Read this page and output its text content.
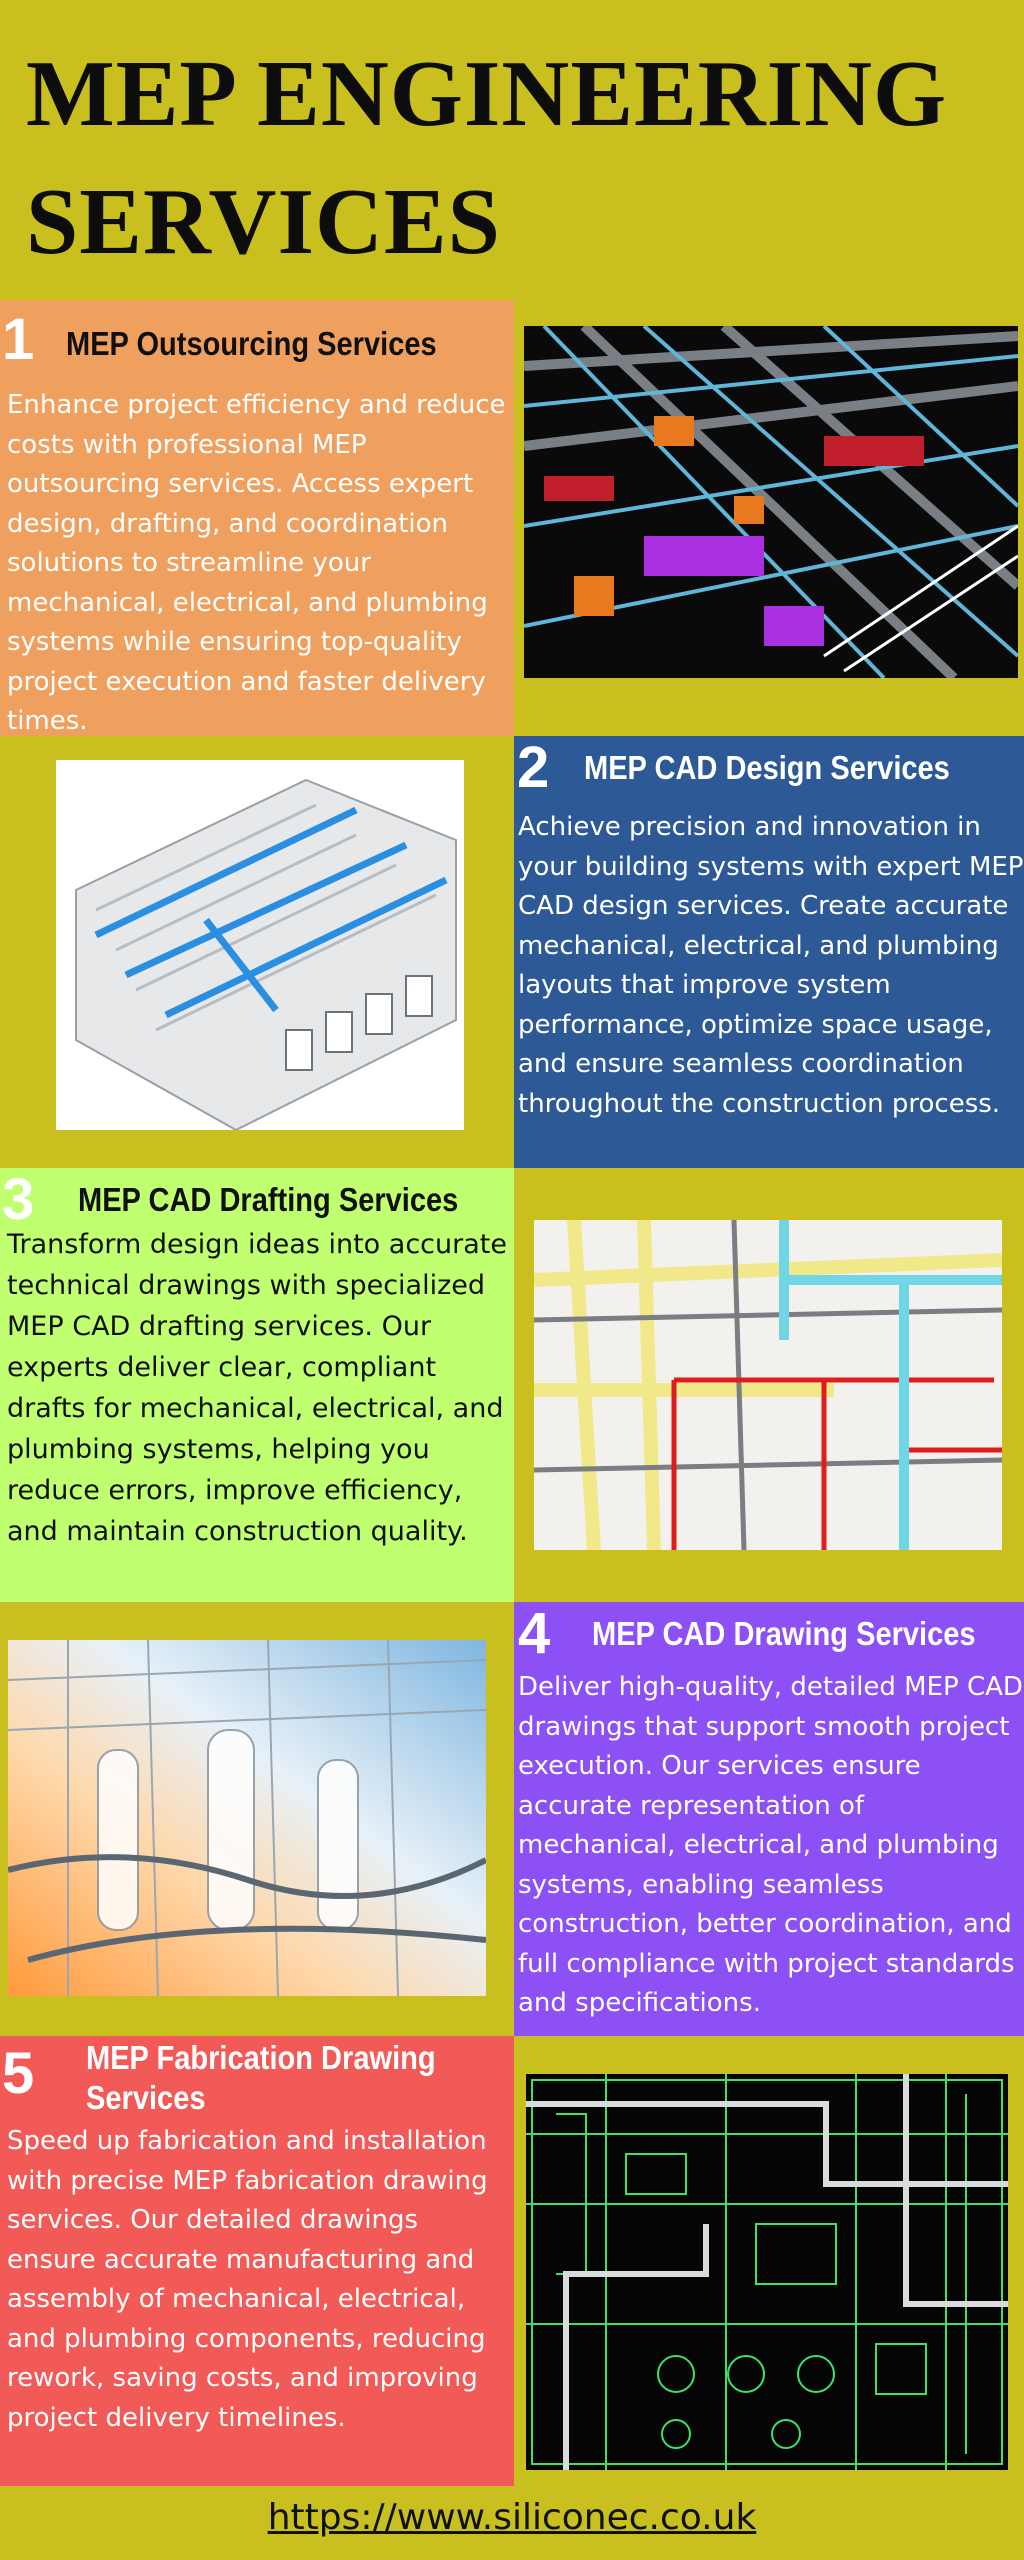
MEP ENGINEERING
SERVICES
1 MEP Outsourcing Services
Enhance project efficiency and reduce costs with professional MEP outsourcing services. Access expert design, drafting, and coordination solutions to streamline your mechanical, electrical, and plumbing systems while ensuring top-quality project execution and faster delivery times.
2 MEP CAD Design Services
Achieve precision and innovation in your building systems with expert MEP CAD design services. Create accurate mechanical, electrical, and plumbing layouts that improve system performance, optimize space usage, and ensure seamless coordination throughout the construction process.
3 MEP CAD Drafting Services
Transform design ideas into accurate technical drawings with specialized MEP CAD drafting services. Our experts deliver clear, compliant drafts for mechanical, electrical, and plumbing systems, helping you reduce errors, improve efficiency, and maintain construction quality.
4 MEP CAD Drawing Services
Deliver high-quality, detailed MEP CAD drawings that support smooth project execution. Our services ensure accurate representation of mechanical, electrical, and plumbing systems, enabling seamless construction, better coordination, and full compliance with project standards and specifications.
5 MEP Fabrication Drawing
Services
Speed up fabrication and installation with precise MEP fabrication drawing services. Our detailed drawings ensure accurate manufacturing and assembly of mechanical, electrical, and plumbing components, reducing rework, saving costs, and improving project delivery timelines.
https://www.siliconec.co.uk
